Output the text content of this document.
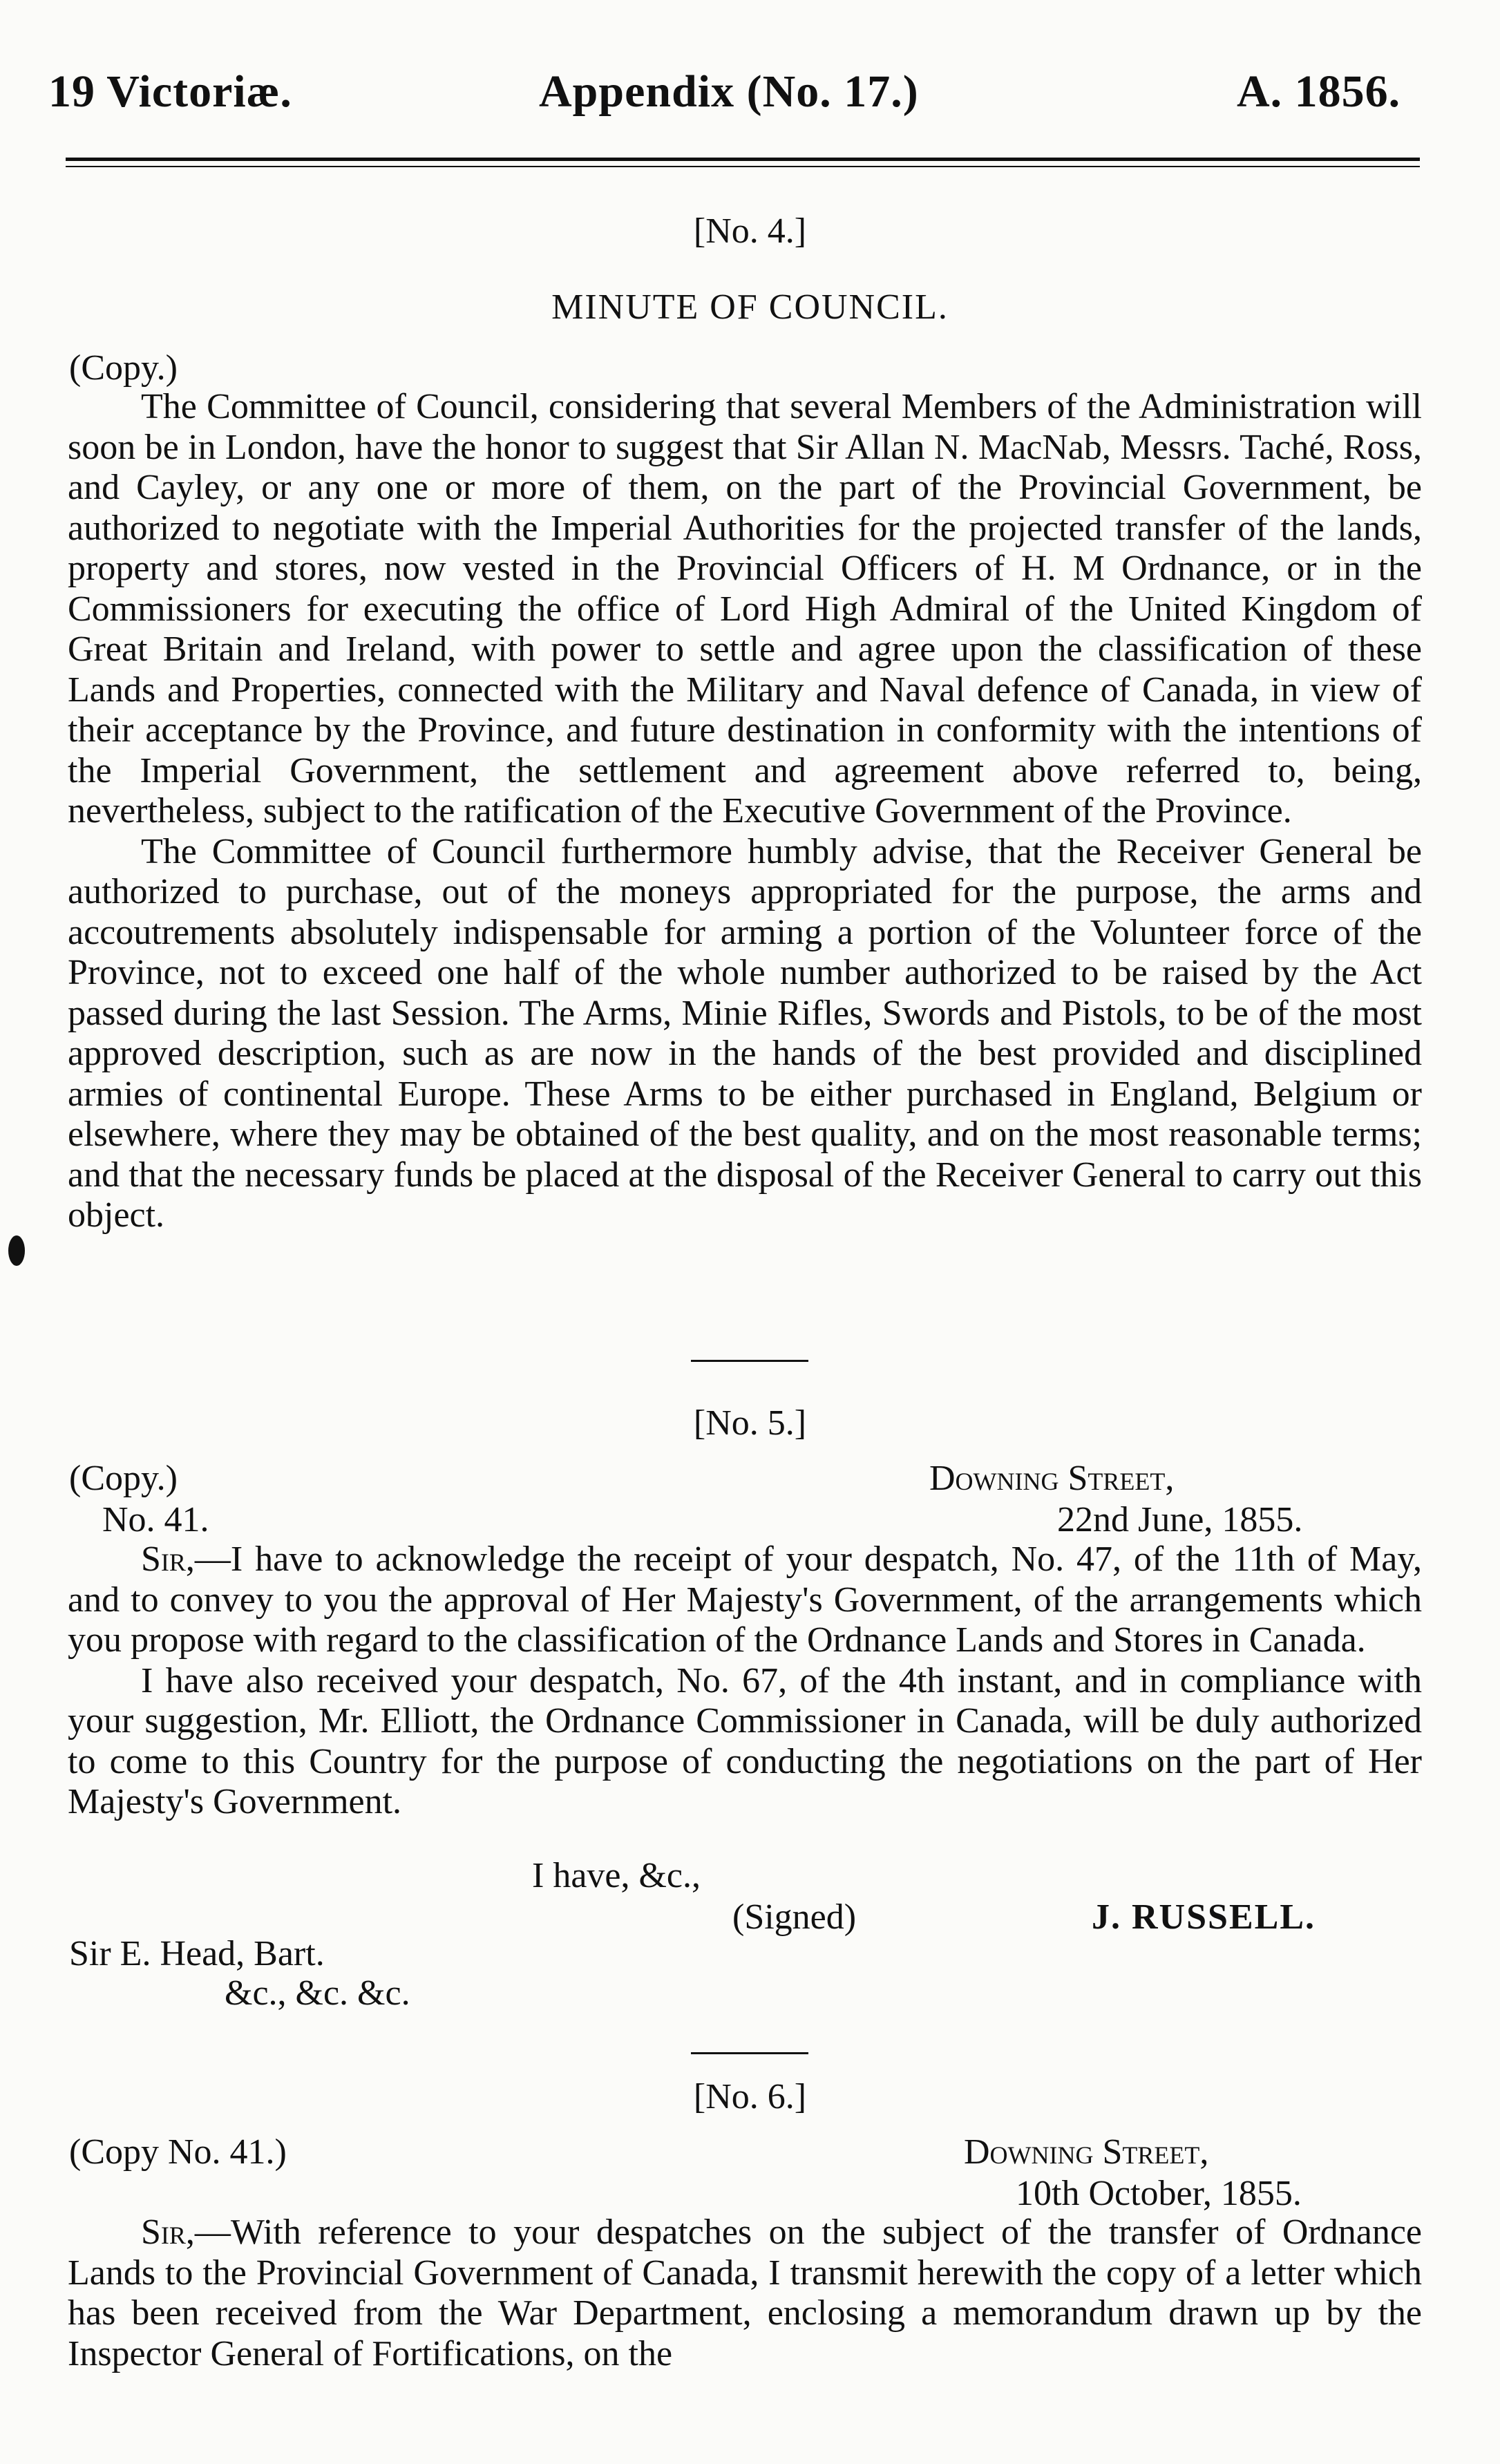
19 Victoriæ.	Appendix (No. 17.)	A. 1856.
[No. 4.]
MINUTE OF COUNCIL.
(Copy.)

The Committee of Council, considering that several Members of the Administration will soon be in London, have the honor to suggest that Sir Allan N. MacNab, Messrs. Taché, Ross, and Cayley, or any one or more of them, on the part of the Provincial Government, be authorized to negotiate with the Imperial Authorities for the projected transfer of the lands, property and stores, now vested in the Provincial Officers of H. M Ordnance, or in the Commissioners for executing the office of Lord High Admiral of the United Kingdom of Great Britain and Ireland, with power to settle and agree upon the classification of these Lands and Properties, connected with the Military and Naval defence of Canada, in view of their acceptance by the Province, and future destination in conformity with the intentions of the Imperial Government, the settlement and agreement above referred to, being, nevertheless, subject to the ratification of the Executive Government of the Province.

The Committee of Council furthermore humbly advise, that the Receiver General be authorized to purchase, out of the moneys appropriated for the purpose, the arms and accoutrements absolutely indispensable for arming a portion of the Volunteer force of the Province, not to exceed one half of the whole number authorized to be raised by the Act passed during the last Session. The Arms, Minie Rifles, Swords and Pistols, to be of the most approved description, such as are now in the hands of the best provided and disciplined armies of continental Europe. These Arms to be either purchased in England, Belgium or elsewhere, where they may be obtained of the best quality, and on the most reasonable terms; and that the necessary funds be placed at the disposal of the Receiver General to carry out this object.

[No. 5.]
(Copy.)	Downing Street,
No. 41.	22nd June, 1855.

Sir,—I have to acknowledge the receipt of your despatch, No. 47, of the 11th of May, and to convey to you the approval of Her Majesty's Government, of the arrangements which you propose with regard to the classification of the Ordnance Lands and Stores in Canada.

I have also received your despatch, No. 67, of the 4th instant, and in compliance with your suggestion, Mr. Elliott, the Ordnance Commissioner in Canada, will be duly authorized to come to this Country for the purpose of conducting the negotiations on the part of Her Majesty's Government.

I have, &c.,
(Signed)	J. RUSSELL.
Sir E. Head, Bart.
&c., &c. &c.
[No. 6.]
(Copy No. 41.)	Downing Street,
10th October, 1855.

Sir,—With reference to your despatches on the subject of the transfer of Ordnance Lands to the Provincial Government of Canada, I transmit herewith the copy of a letter which has been received from the War Department, enclosing a memorandum drawn up by the Inspector General of Fortifications, on the
